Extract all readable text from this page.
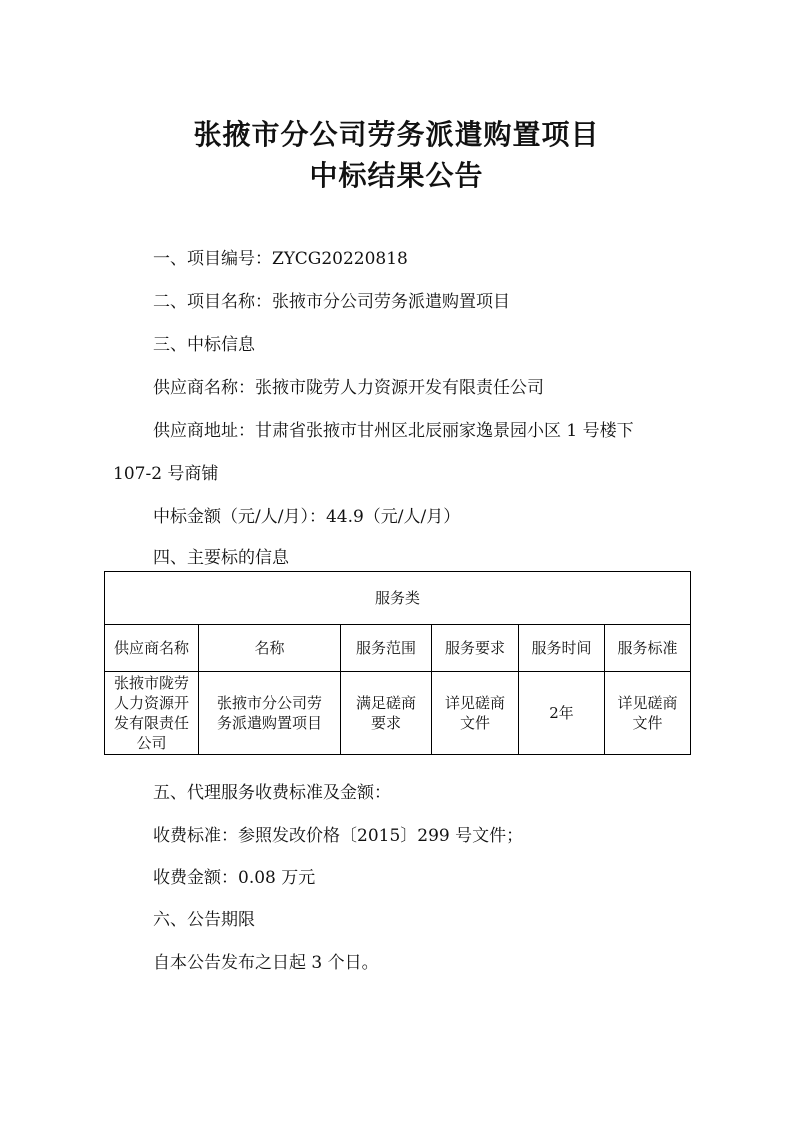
张掖市分公司劳务派遣购置项目
中标结果公告

一、项目编号：ZYCG20220818

二、项目名称：张掖市分公司劳务派遣购置项目

三、中标信息

供应商名称：张掖市陇劳人力资源开发有限责任公司

供应商地址：甘肃省张掖市甘州区北辰丽家逸景园小区 1 号楼下

107-2 号商铺

中标金额（元/人/月）：44.9（元/人/月）

四、主要标的信息

服务类					
供应商名称	名称	服务范围	服务要求	服务时间	服务标准
张掖市陇劳人力资源开发有限责任公司	张掖市分公司劳务派遣购置项目	满足磋商要求	详见磋商文件	2年	详见磋商文件

五、代理服务收费标准及金额：

收费标准：参照发改价格〔2015〕299 号文件；

收费金额：0.08 万元

六、公告期限

自本公告发布之日起 3 个日。
